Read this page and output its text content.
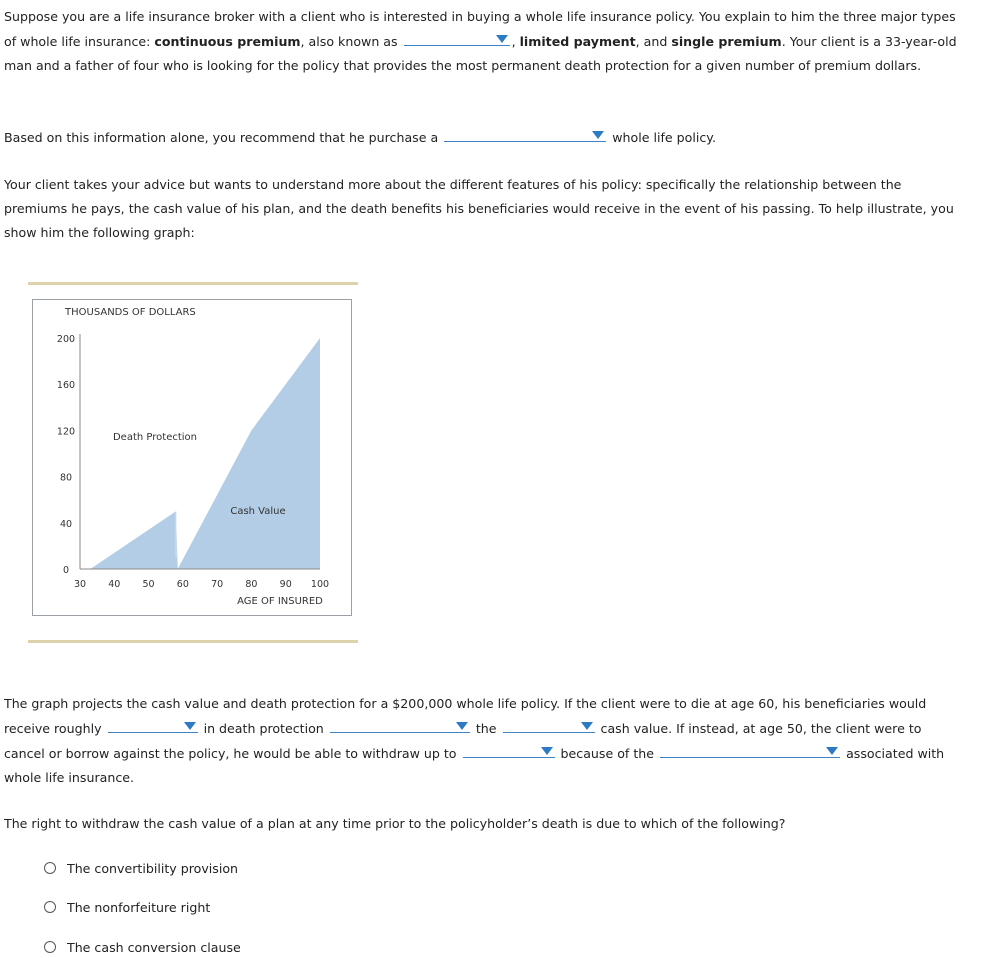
Suppose you are a life insurance broker with a client who is interested in buying a whole life insurance policy. You explain to him the three major types of whole life insurance: continuous premium, also known as	, limited payment, and single premium. Your client is a 33-year-old man and a father of four who is looking for the policy that provides the most permanent death protection for a given number of premium dollars.
Based on this information alone, you recommend that he purchase a	whole life policy.
Your client takes your advice but wants to understand more about the different features of his policy: specifically the relationship between the premiums he pays, the cash value of his plan, and the death benefits his beneficiaries would receive in the event of his passing. To help illustrate, you show him the following graph:
200
160
120
80
40
0
30 40 50 60 70 80 90 100
THOUSANDS OF DOLLARS
AGE OF INSURED
Death Protection
Cash Value
The graph projects the cash value and death protection for a $200,000 whole life policy. If the client were to die at age 60, his beneficiaries would receive roughly	in death protection	the	cash value. If instead, at age 50, the client were to cancel or borrow against the policy, he would be able to withdraw up to	because of the	associated with whole life insurance.
The right to withdraw the cash value of a plan at any time prior to the policyholder’s death is due to which of the following?
The convertibility provision
The nonforfeiture right
The cash conversion clause
